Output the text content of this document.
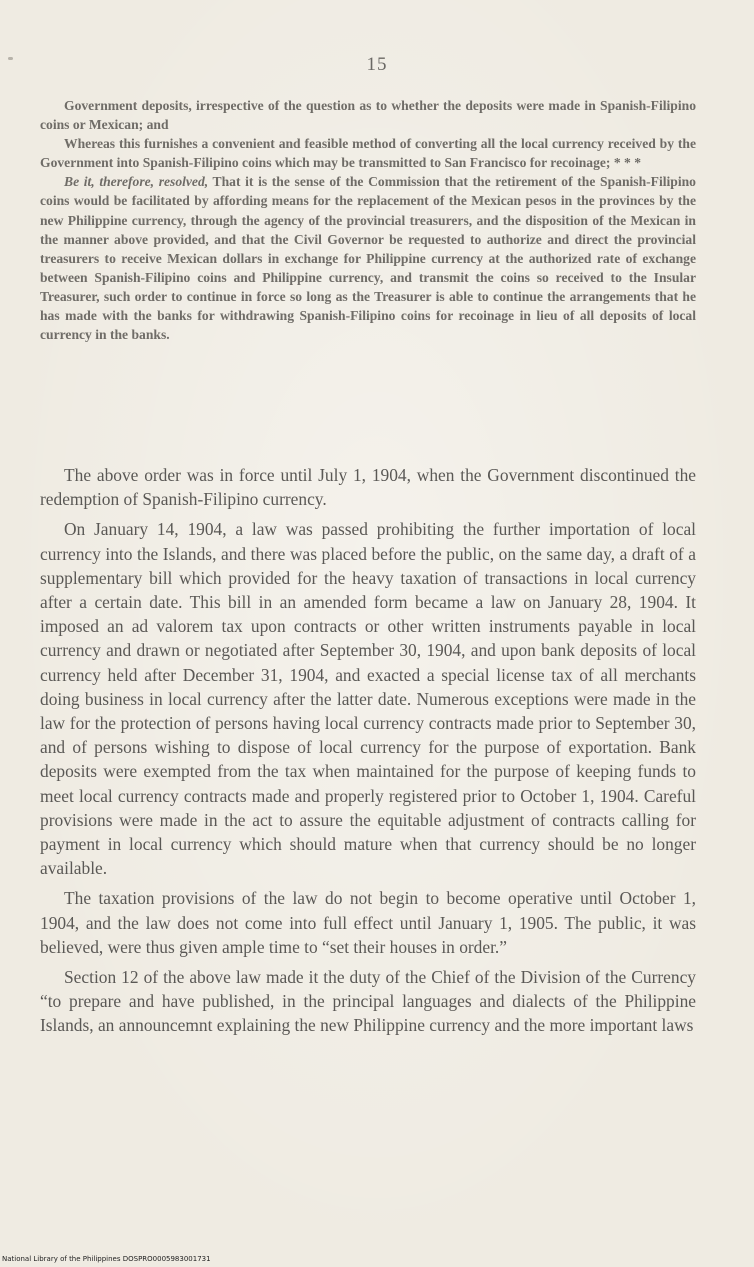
15

Government deposits, irrespective of the question as to whether the deposits were made in Spanish-Filipino coins or Mexican; and

Whereas this furnishes a convenient and feasible method of converting all the local currency received by the Government into Spanish-Filipino coins which may be transmitted to San Francisco for recoinage; * * *

Be it, therefore, resolved, That it is the sense of the Commission that the retirement of the Spanish-Filipino coins would be facilitated by affording means for the replacement of the Mexican pesos in the provinces by the new Philippine currency, through the agency of the provincial treasurers, and the disposition of the Mexican in the manner above provided, and that the Civil Governor be requested to authorize and direct the provincial treasurers to receive Mexican dollars in exchange for Philippine currency at the authorized rate of exchange between Spanish-Filipino coins and Philippine currency, and transmit the coins so received to the Insular Treasurer, such order to continue in force so long as the Treasurer is able to continue the arrangements that he has made with the banks for withdrawing Spanish-Filipino coins for recoinage in lieu of all deposits of local currency in the banks.

The above order was in force until July 1, 1904, when the Government discontinued the redemption of Spanish-Filipino currency.

On January 14, 1904, a law was passed prohibiting the further importation of local currency into the Islands, and there was placed before the public, on the same day, a draft of a supplementary bill which provided for the heavy taxation of transactions in local currency after a certain date. This bill in an amended form became a law on January 28, 1904. It imposed an ad valorem tax upon contracts or other written instruments payable in local currency and drawn or negotiated after September 30, 1904, and upon bank deposits of local currency held after December 31, 1904, and exacted a special license tax of all merchants doing business in local currency after the latter date. Numerous exceptions were made in the law for the protection of persons having local currency contracts made prior to September 30, and of persons wishing to dispose of local currency for the purpose of exportation. Bank deposits were exempted from the tax when maintained for the purpose of keeping funds to meet local currency contracts made and properly registered prior to October 1, 1904. Careful provisions were made in the act to assure the equitable adjustment of contracts calling for payment in local currency which should mature when that currency should be no longer available.

The taxation provisions of the law do not begin to become operative until October 1, 1904, and the law does not come into full effect until January 1, 1905. The public, it was believed, were thus given ample time to “set their houses in order.”

Section 12 of the above law made it the duty of the Chief of the Division of the Currency “to prepare and have published, in the principal languages and dialects of the Philippine Islands, an announcemnt explaining the new Philippine currency and the more important laws

National Library of the Philippines DOSPRO0005983001731
